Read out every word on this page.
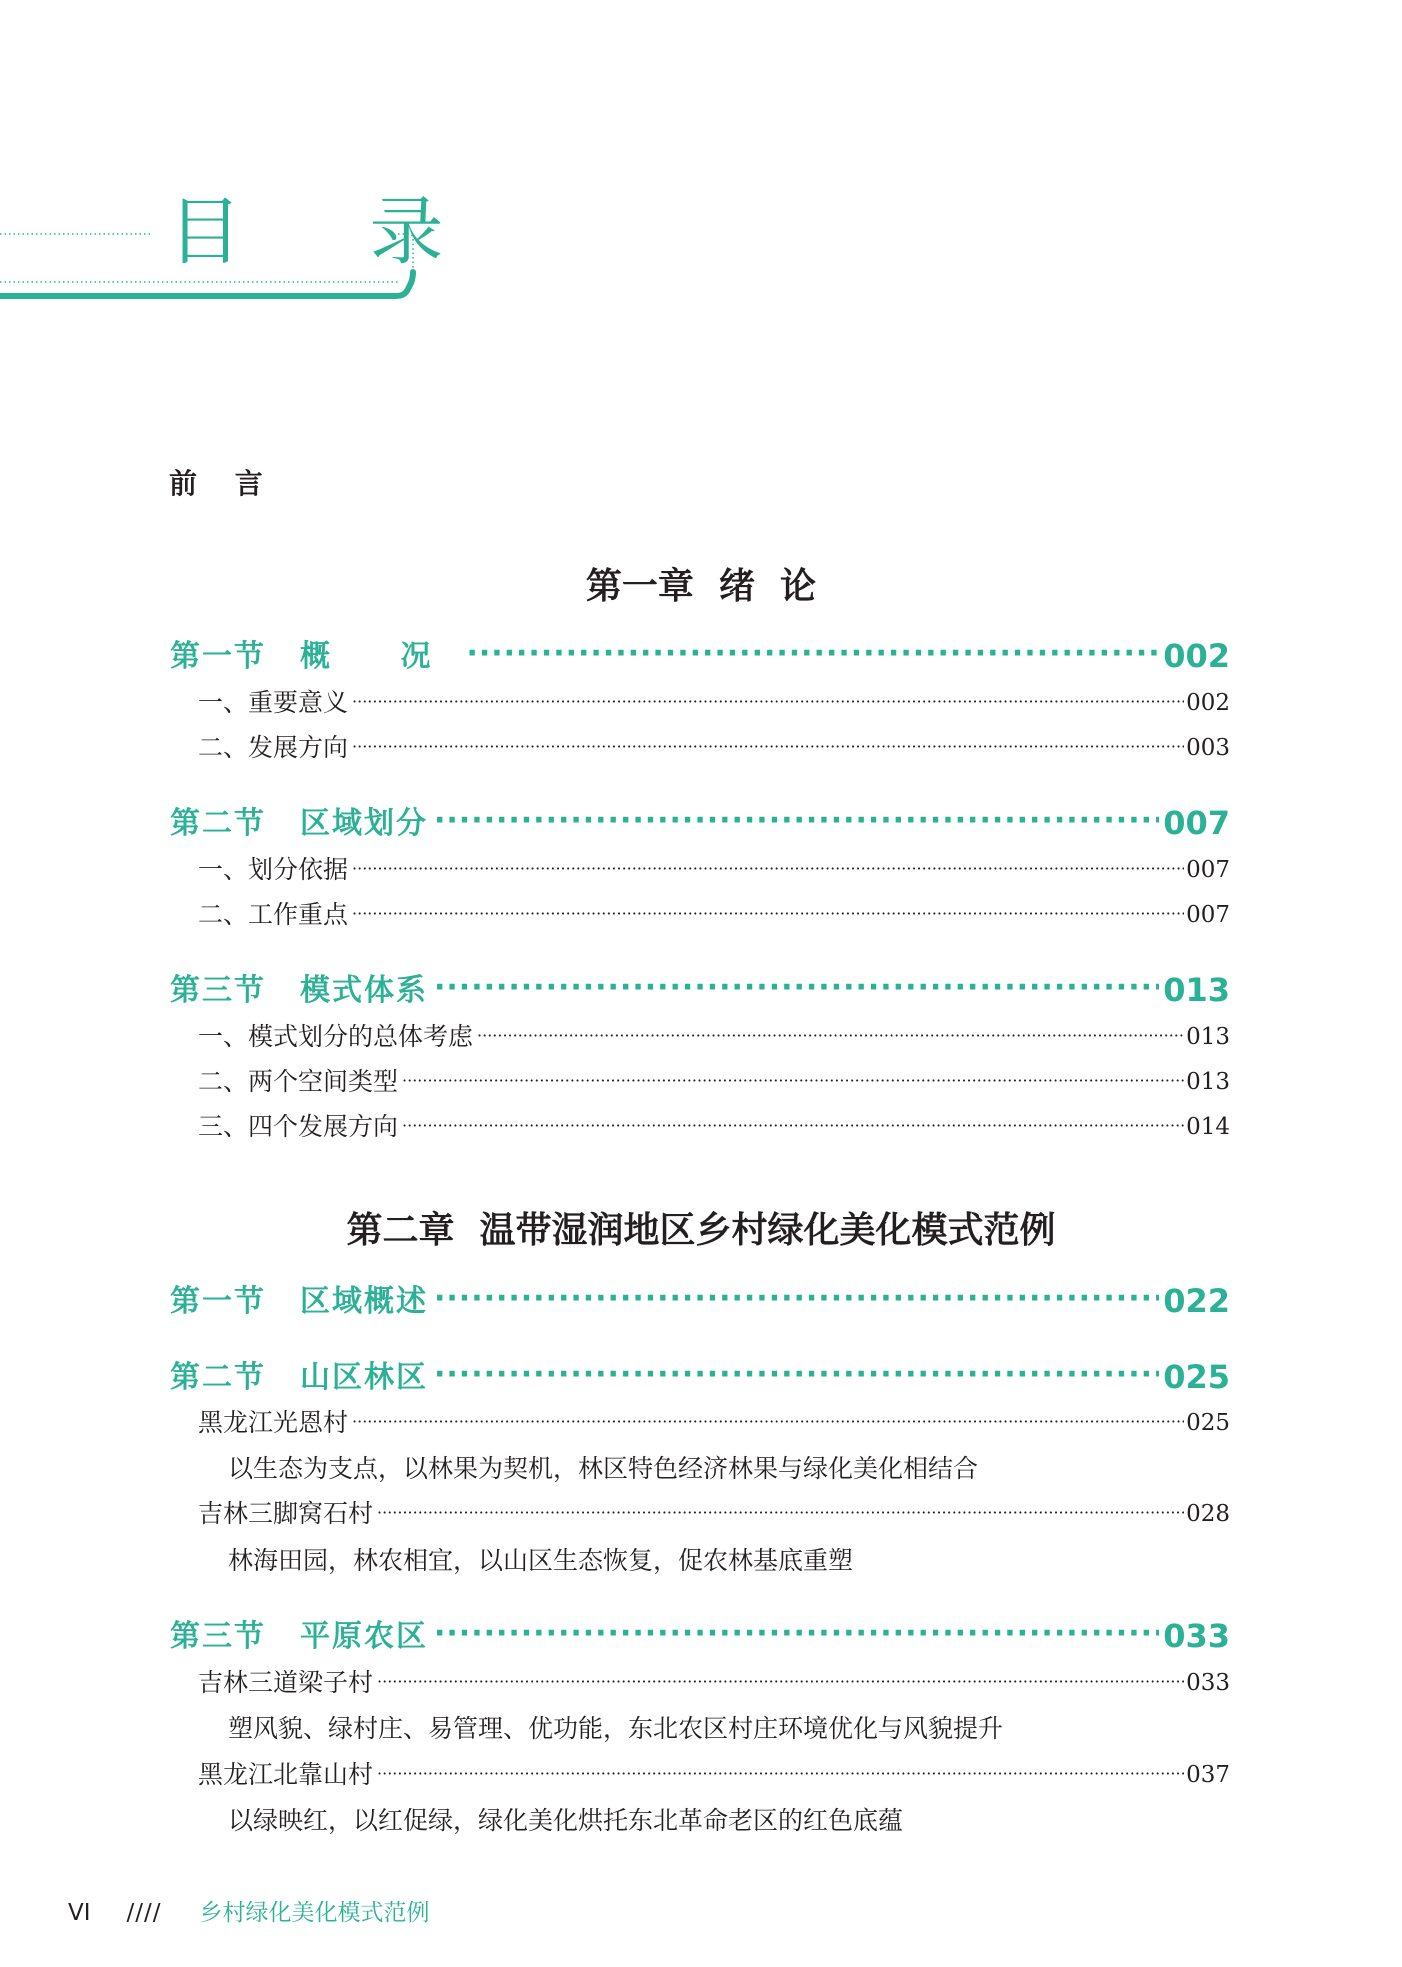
目 录
前 言
第一章  绪  论
第一节 概 况 ·····	002
一、重要意义 ·····	002
二、发展方向 ·····	003
第二节 区域划分 ·····	007
一、划分依据 ·····	007
二、工作重点 ·····	007
第三节 模式体系 ·····	013
一、模式划分的总体考虑 ·····	013
二、两个空间类型 ·····	013
三、四个发展方向 ·····	014
第二章  温带湿润地区乡村绿化美化模式范例
第一节 区域概述 ·····	022
第二节 山区林区 ·····	025
黑龙江光恩村 ·····	025
以生态为支点，以林果为契机，林区特色经济林果与绿化美化相结合
吉林三脚窝石村 ·····	028
林海田园，林农相宜，以山区生态恢复，促农林基底重塑
第三节 平原农区 ·····	033
吉林三道梁子村 ·····	033
塑风貌、绿村庄、易管理、优功能，东北农区村庄环境优化与风貌提升
黑龙江北靠山村 ·····	037
以绿映红，以红促绿，绿化美化烘托东北革命老区的红色底蕴
VI //// 乡村绿化美化模式范例
